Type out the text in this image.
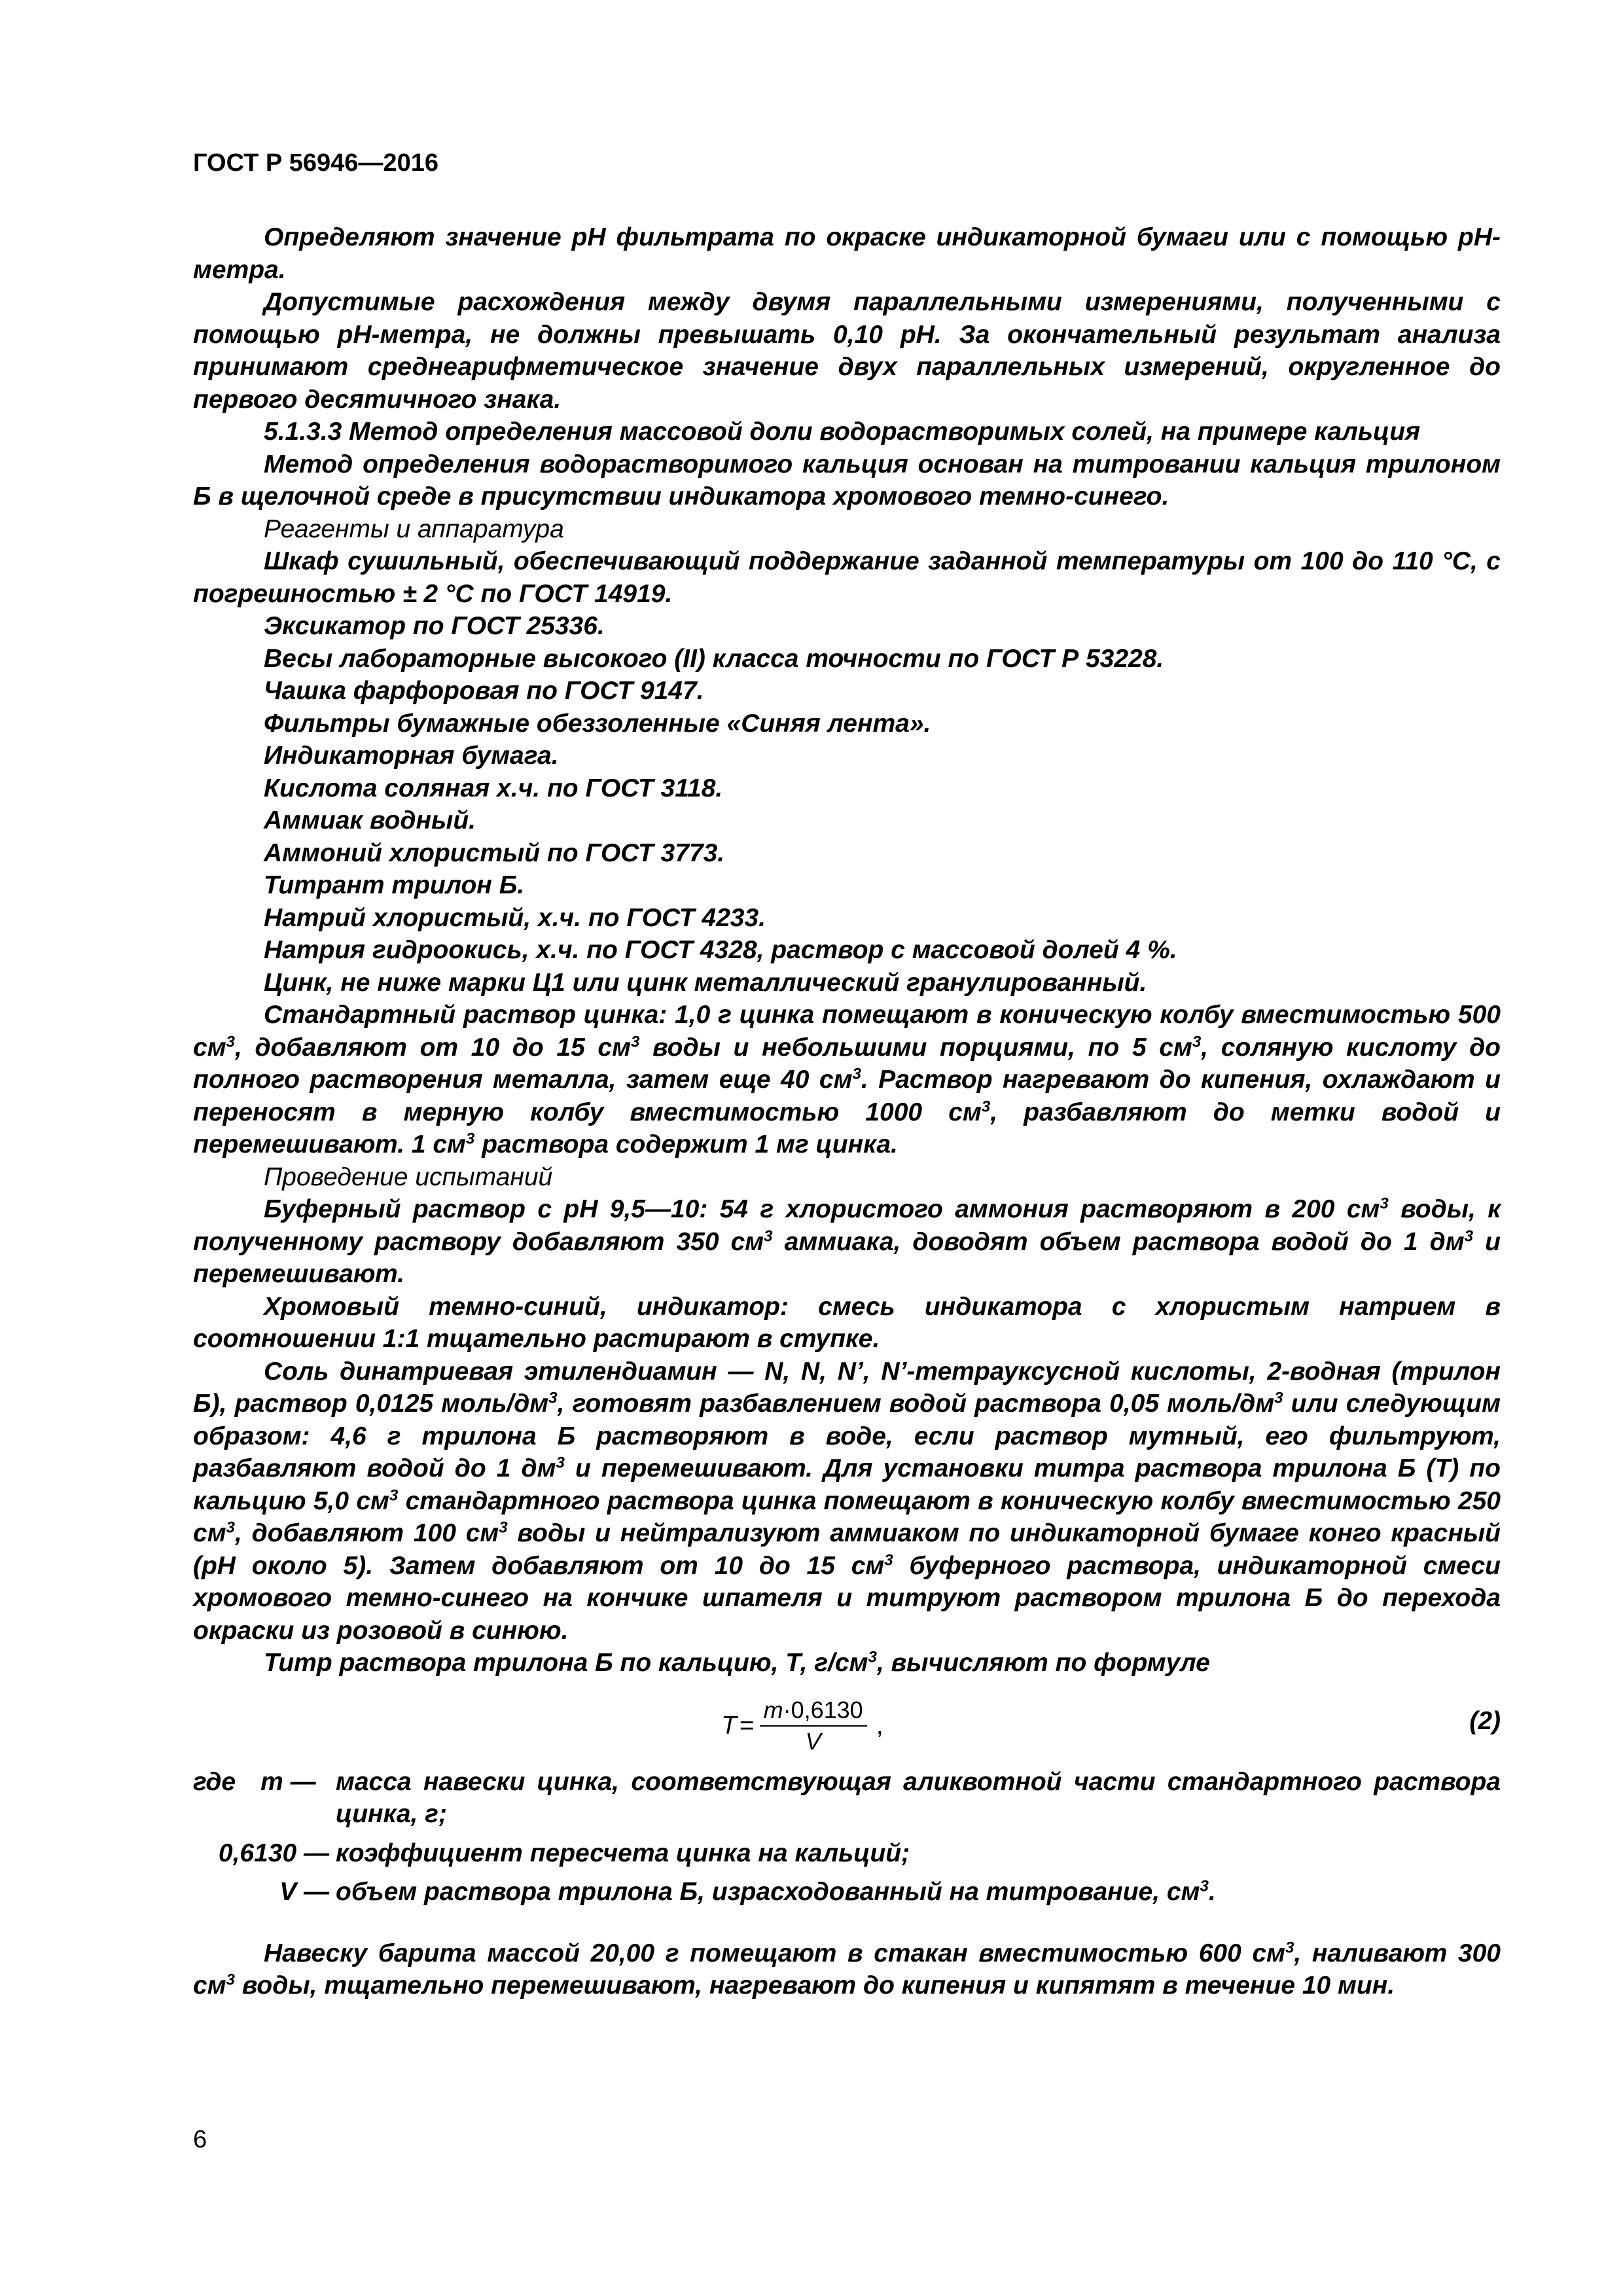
ГОСТ Р 56946—2016

Определяют значение рН фильтрата по окраске индикаторной бумаги или с помощью рН-метра.

Допустимые расхождения между двумя параллельными измерениями, полученными с помощью рН-метра, не должны превышать 0,10 рН. За окончательный результат анализа принимают среднеарифметическое значение двух параллельных измерений, округленное до первого десятичного знака.

5.1.3.3 Метод определения массовой доли водорастворимых солей, на примере кальция

Метод определения водорастворимого кальция основан на титровании кальция трилоном Б в щелочной среде в присутствии индикатора хромового темно-синего.

Реагенты и аппаратура

Шкаф сушильный, обеспечивающий поддержание заданной температуры от 100 до 110 °С, с погрешностью ± 2 °С по ГОСТ 14919.

Эксикатор по ГОСТ 25336.

Весы лабораторные высокого (II) класса точности по ГОСТ Р 53228.

Чашка фарфоровая по ГОСТ 9147.

Фильтры бумажные обеззоленные «Синяя лента».

Индикаторная бумага.

Кислота соляная х.ч. по ГОСТ 3118.

Аммиак водный.

Аммоний хлористый по ГОСТ 3773.

Титрант трилон Б.

Натрий хлористый, х.ч. по ГОСТ 4233.

Натрия гидроокись, х.ч. по ГОСТ 4328, раствор с массовой долей 4 %.

Цинк, не ниже марки Ц1 или цинк металлический гранулированный.

Стандартный раствор цинка: 1,0 г цинка помещают в коническую колбу вместимостью 500 $см^3$, добавляют от 10 до 15 $см^3$ воды и небольшими порциями, по 5 $см^3$, соляную кислоту до полного растворения металла, затем еще 40 $см^3$. Раствор нагревают до кипения, охлаждают и переносят в мерную колбу вместимостью 1000 $см^3$, разбавляют до метки водой и перемешивают. 1 $см^3$ раствора содержит 1 мг цинка.

Проведение испытаний

Буферный раствор с рН 9,5—10: 54 г хлористого аммония растворяют в 200 $см^3$ воды, к полученному раствору добавляют 350 $см^3$ аммиака, доводят объем раствора водой до 1 $дм^3$ и перемешивают.

Хромовый темно-синий, индикатор: смесь индикатора с хлористым натрием в соотношении 1:1 тщательно растирают в ступке.

Соль динатриевая этилендиамин — N, N, N’, N’-тетрауксусной кислоты, 2-водная (трилон Б), раствор 0,0125 моль/$дм^3$, готовят разбавлением водой раствора 0,05 моль/$дм^3$ или следующим образом: 4,6 г трилона Б растворяют в воде, если раствор мутный, его фильтруют, разбавляют водой до 1 $дм^3$ и перемешивают. Для установки титра раствора трилона Б (Т) по кальцию 5,0 $см^3$ стандартного раствора цинка помещают в коническую колбу вместимостью 250 $см^3$, добавляют 100 $см^3$ воды и нейтрализуют аммиаком по индикаторной бумаге конго красный (рН около 5). Затем добавляют от 10 до 15 $см^3$ буферного раствора, индикаторной смеси хромового темно-синего на кончике шпателя и титруют раствором трилона Б до перехода окраски из розовой в синюю.

Титр раствора трилона Б по кальцию, Т, $г/см^3$, вычисляют по формуле

$T = \frac{m\cdot 0,6130}{V}$ ,	(2)
где m — масса навески цинка, соответствующая аликвотной части стандартного раствора цинка, г;
0,6130 — коэффициент пересчета цинка на кальций;
V — объем раствора трилона Б, израсходованный на титрование, $см^3$.

Навеску барита массой 20,00 г помещают в стакан вместимостью 600 $см^3$, наливают 300 $см^3$ воды, тщательно перемешивают, нагревают до кипения и кипятят в течение 10 мин.

6
